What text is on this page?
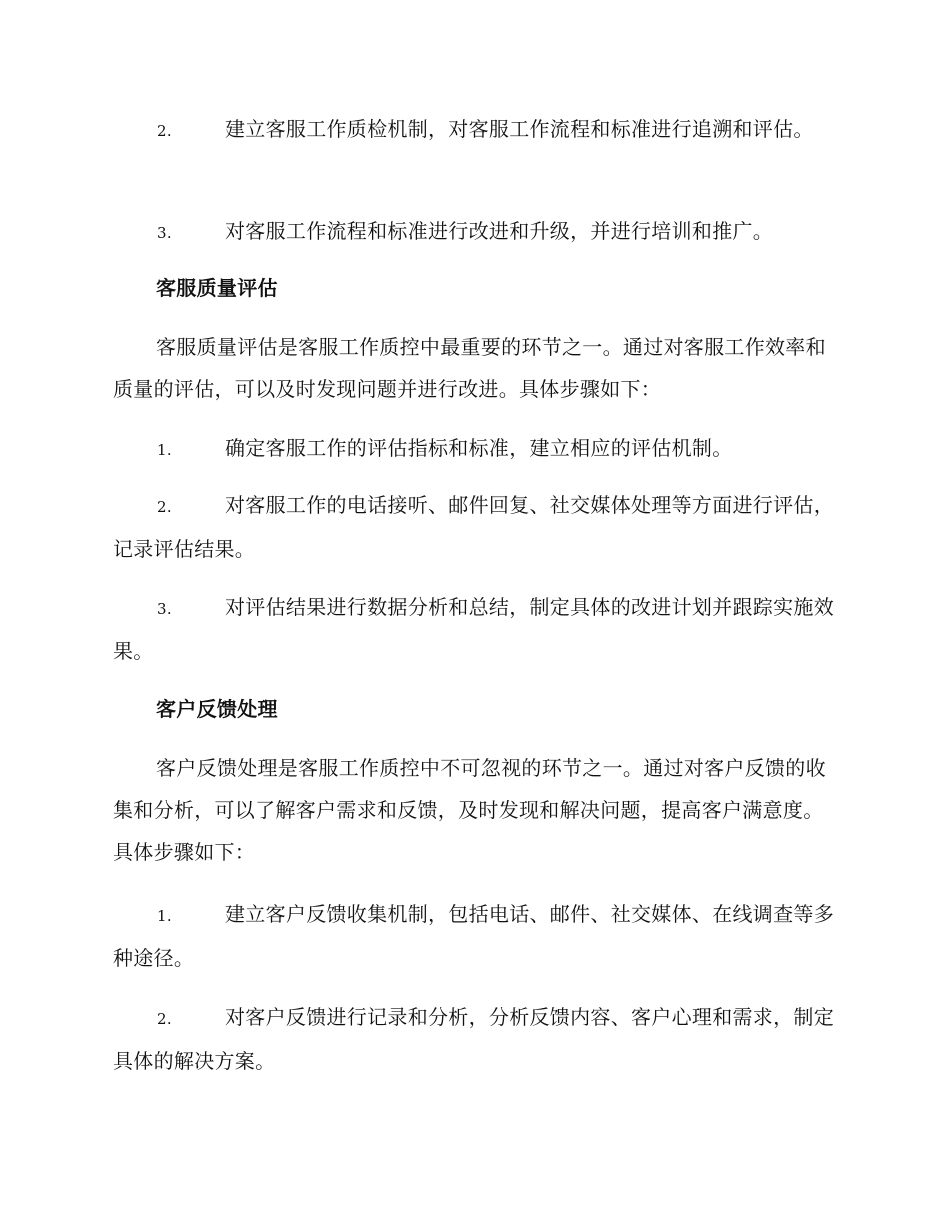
2.	建立客服工作质检机制，对客服工作流程和标准进行追溯和评估。
3.	对客服工作流程和标准进行改进和升级，并进行培训和推广。
客服质量评估
客服质量评估是客服工作质控中最重要的环节之一。通过对客服工作效率和质量的评估，可以及时发现问题并进行改进。具体步骤如下：
1.	确定客服工作的评估指标和标准，建立相应的评估机制。
2.	对客服工作的电话接听、邮件回复、社交媒体处理等方面进行评估，记录评估结果。
3.	对评估结果进行数据分析和总结，制定具体的改进计划并跟踪实施效果。
客户反馈处理
客户反馈处理是客服工作质控中不可忽视的环节之一。通过对客户反馈的收集和分析，可以了解客户需求和反馈，及时发现和解决问题，提高客户满意度。具体步骤如下：
1.	建立客户反馈收集机制，包括电话、邮件、社交媒体、在线调查等多种途径。
2.	对客户反馈进行记录和分析，分析反馈内容、客户心理和需求，制定具体的解决方案。
